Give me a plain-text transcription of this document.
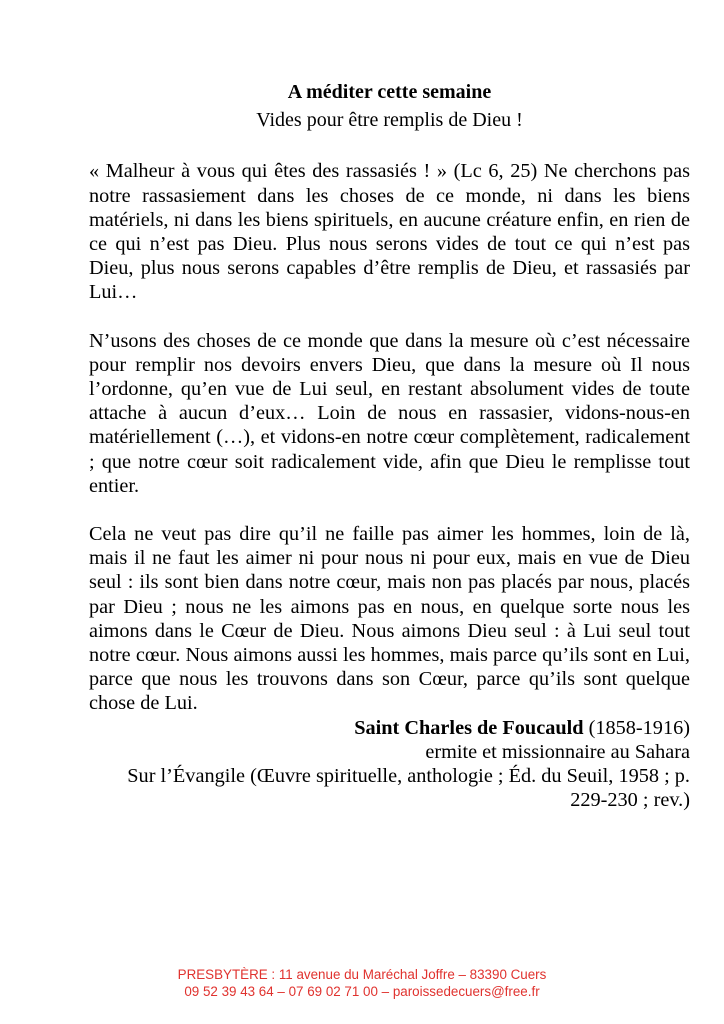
A méditer cette semaine

Vides pour être remplis de Dieu !

« Malheur à vous qui êtes des rassasiés ! » (Lc 6, 25) Ne cherchons pas notre rassasiement dans les choses de ce monde, ni dans les biens matériels, ni dans les biens spirituels, en aucune créature enfin, en rien de ce qui n’est pas Dieu. Plus nous serons vides de tout ce qui n’est pas Dieu, plus nous serons capables d’être remplis de Dieu, et rassasiés par Lui…

N’usons des choses de ce monde que dans la mesure où c’est nécessaire pour remplir nos devoirs envers Dieu, que dans la mesure où Il nous l’ordonne, qu’en vue de Lui seul, en restant absolument vides de toute attache à aucun d’eux… Loin de nous en rassasier, vidons-nous-en matériellement (…), et vidons-en notre cœur complètement, radicalement ; que notre cœur soit radicalement vide, afin que Dieu le remplisse tout entier.

Cela ne veut pas dire qu’il ne faille pas aimer les hommes, loin de là, mais il ne faut les aimer ni pour nous ni pour eux, mais en vue de Dieu seul : ils sont bien dans notre cœur, mais non pas placés par nous, placés par Dieu ; nous ne les aimons pas en nous, en quelque sorte nous les aimons dans le Cœur de Dieu. Nous aimons Dieu seul : à Lui seul tout notre cœur. Nous aimons aussi les hommes, mais parce qu’ils sont en Lui, parce que nous les trouvons dans son Cœur, parce qu’ils sont quelque chose de Lui.

Saint Charles de Foucauld (1858-1916)

ermite et missionnaire au Sahara

Sur l’Évangile (Œuvre spirituelle, anthologie ; Éd. du Seuil, 1958 ; p. 229-230 ; rev.)

PRESBYTÈRE : 11 avenue du Maréchal Joffre – 83390 Cuers
09 52 39 43 64 – 07 69 02 71 00 – paroissedecuers@free.fr
